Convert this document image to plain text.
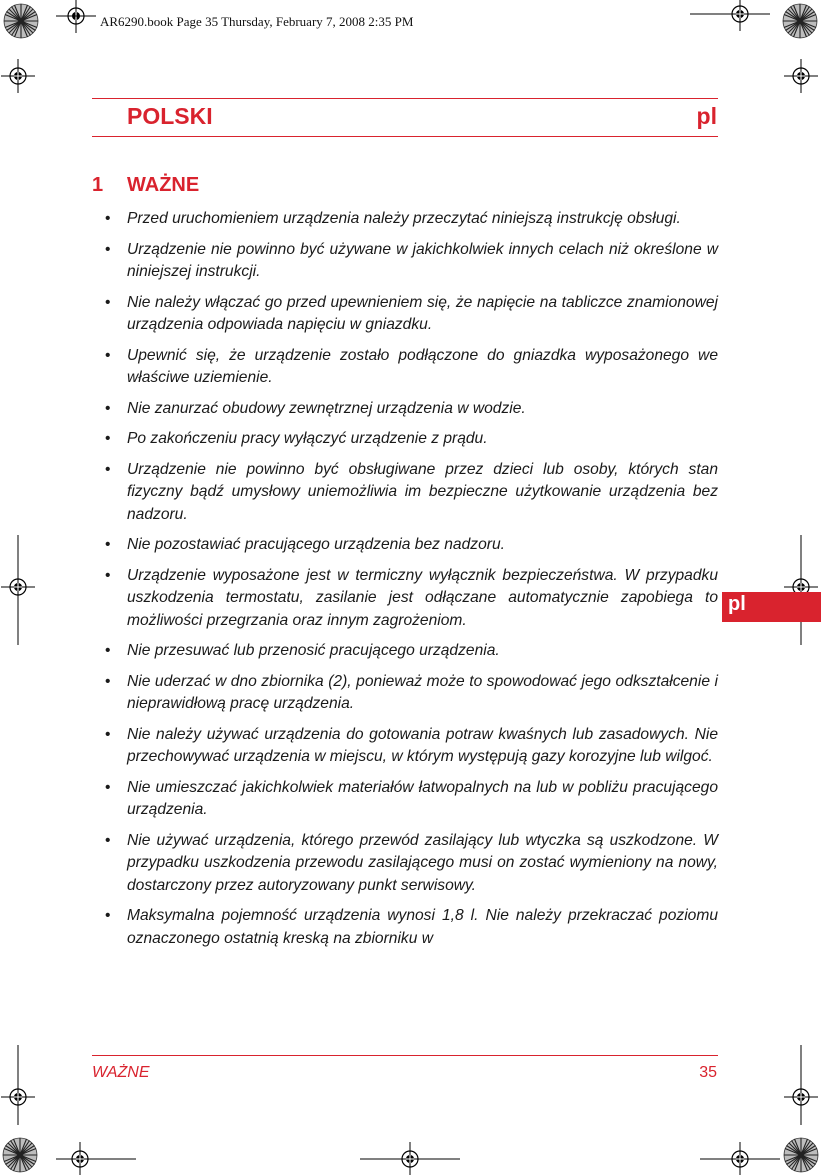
AR6290.book Page 35 Thursday, February 7, 2008 2:35 PM
POLSKI	pl
1 WAŻNE
• Przed uruchomieniem urządzenia należy przeczytać niniejszą instrukcję obsługi.
• Urządzenie nie powinno być używane w jakichkolwiek innych celach niż określone w niniejszej instrukcji.
• Nie należy włączać go przed upewnieniem się, że napięcie na tabliczce znamionowej urządzenia odpowiada napięciu w gniazdku.
• Upewnić się, że urządzenie zostało podłączone do gniazdka wyposażonego we właściwe uziemienie.
• Nie zanurzać obudowy zewnętrznej urządzenia w wodzie.
• Po zakończeniu pracy wyłączyć urządzenie z prądu.
• Urządzenie nie powinno być obsługiwane przez dzieci lub osoby, których stan fizyczny bądź umysłowy uniemożliwia im bezpieczne użytkowanie urządzenia bez nadzoru.
• Nie pozostawiać pracującego urządzenia bez nadzoru.
• Urządzenie wyposażone jest w termiczny wyłącznik bezpieczeństwa. W przypadku uszkodzenia termostatu, zasilanie jest odłączane automatycznie zapobiega to możliwości przegrzania oraz innym zagrożeniom.
• Nie przesuwać lub przenosić pracującego urządzenia.
• Nie uderzać w dno zbiornika (2), ponieważ może to spowodować jego odkształcenie i nieprawidłową pracę urządzenia.
• Nie należy używać urządzenia do gotowania potraw kwaśnych lub zasadowych. Nie przechowywać urządzenia w miejscu, w którym występują gazy korozyjne lub wilgoć.
• Nie umieszczać jakichkolwiek materiałów łatwopalnych na lub w pobliżu pracującego urządzenia.
• Nie używać urządzenia, którego przewód zasilający lub wtyczka są uszkodzone. W przypadku uszkodzenia przewodu zasilającego musi on zostać wymieniony na nowy, dostarczony przez autoryzowany punkt serwisowy.
• Maksymalna pojemność urządzenia wynosi 1,8 l. Nie należy przekraczać poziomu oznaczonego ostatnią kreską na zbiorniku w
pl
WAŻNE	35
